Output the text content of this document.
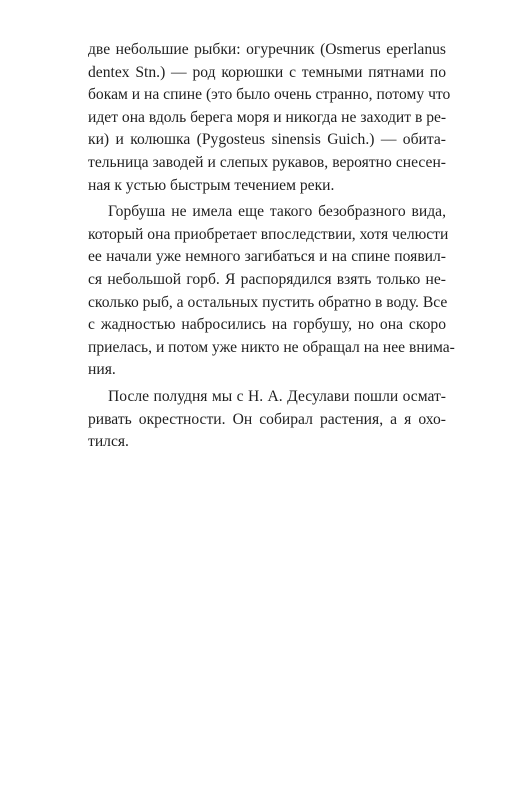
две небольшие рыбки: огуречник (Osmerus eperlanus
dentex Stn.) — род корюшки с темными пятнами по
бокам и на спине (это было очень странно, потому что
идет она вдоль берега моря и никогда не заходит в ре-
ки) и колюшка (Pygosteus sinensis Guich.) — обита-
тельница заводей и слепых рукавов, вероятно снесен-
ная к устью быстрым течением реки.
Горбуша не имела еще такого безобразного вида,
который она приобретает впоследствии, хотя челюсти
ее начали уже немного загибаться и на спине появил-
ся небольшой горб. Я распорядился взять только не-
сколько рыб, а остальных пустить обратно в воду. Все
с жадностью набросились на горбушу, но она скоро
приелась, и потом уже никто не обращал на нее внима-
ния.
После полудня мы с Н. А. Десулави пошли осмат-
ривать окрестности. Он собирал растения, а я охо-
тился.
